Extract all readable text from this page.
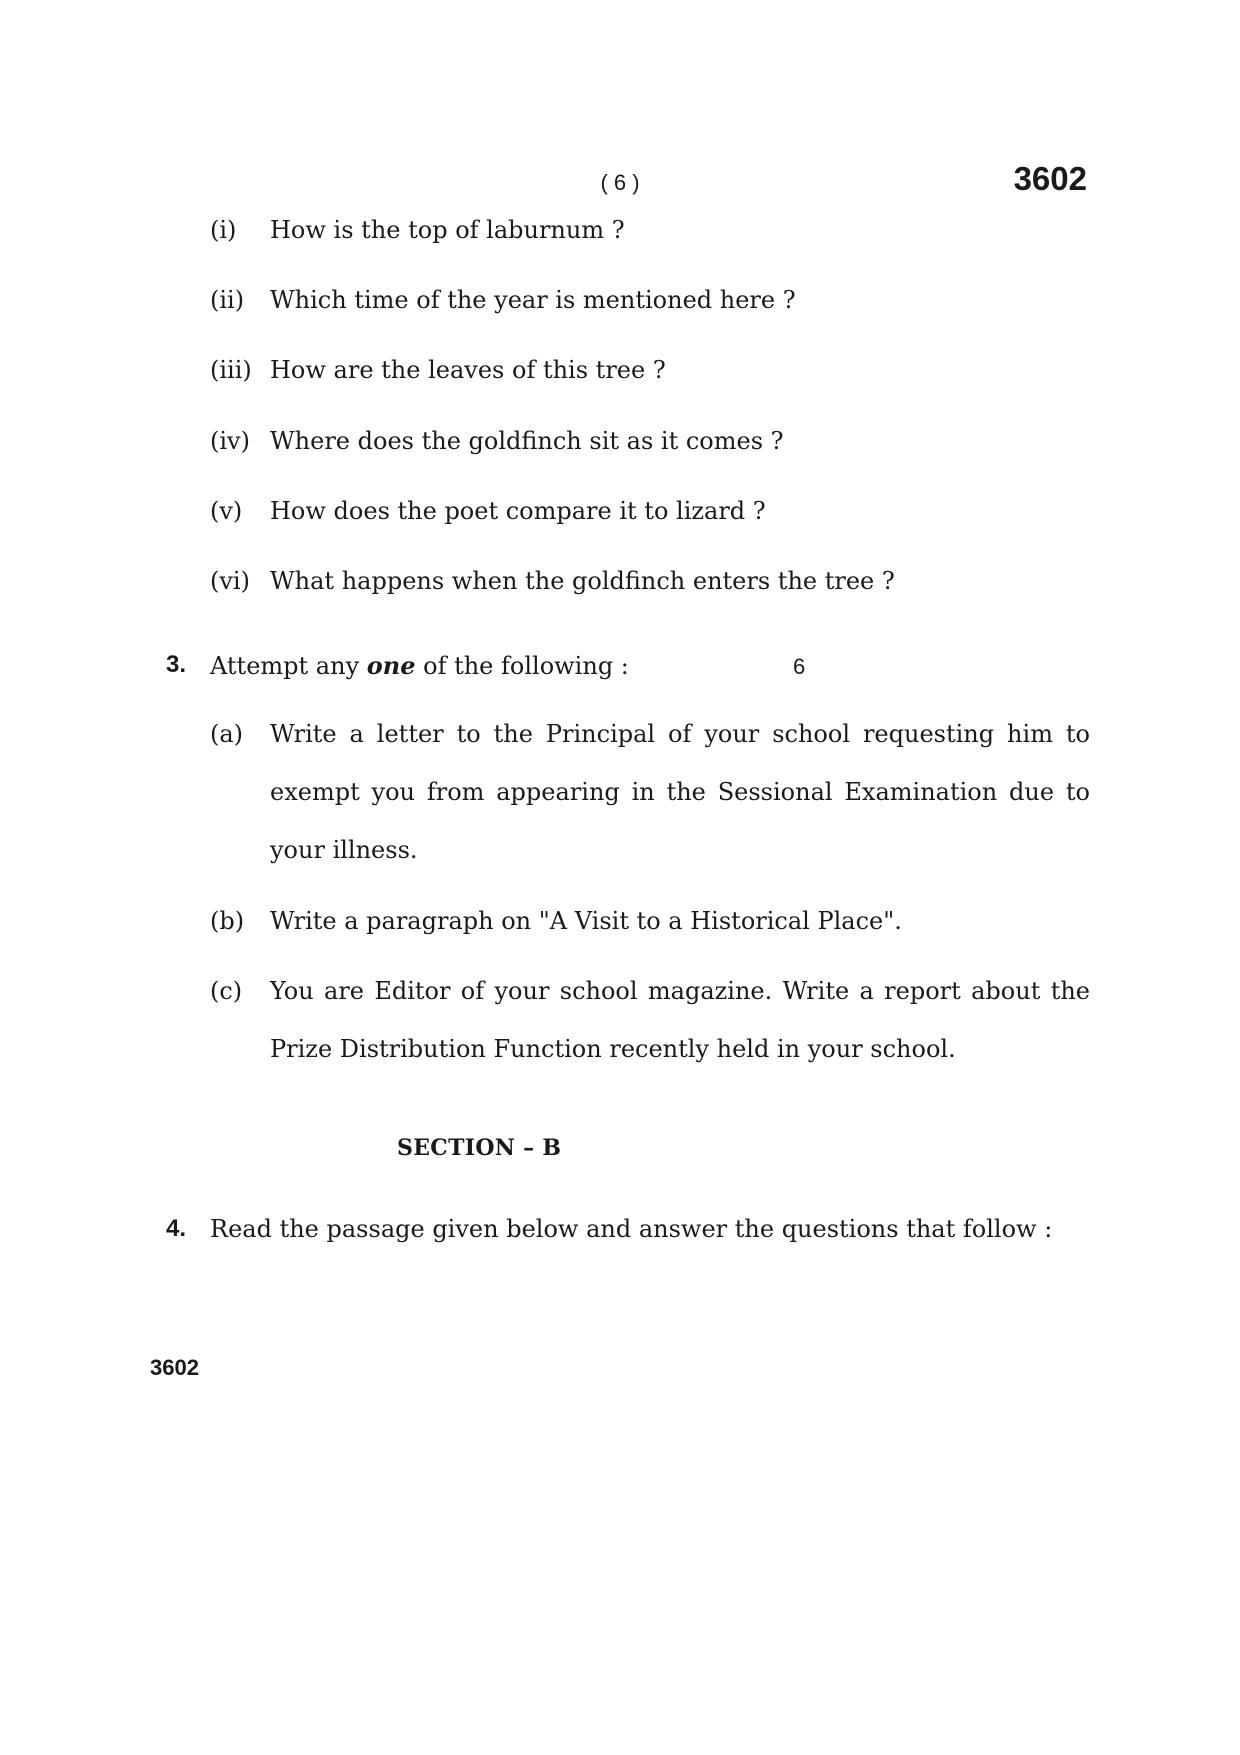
( 6 )	3602
(i)	How is the top of laburnum ?
(ii)	Which time of the year is mentioned here ?
(iii) How are the leaves of this tree ?
(iv) Where does the goldfinch sit as it comes ?
(v)	How does the poet compare it to lizard ?
(vi) What happens when the goldfinch enters the tree ?
3. Attempt any one of the following :	6
(a)	Write a letter to the Principal of your school requesting him to exempt you from appearing in the Sessional Examination due to your illness.
(b)	Write a paragraph on "A Visit to a Historical Place".
(c)	You are Editor of your school magazine. Write a report about the Prize Distribution Function recently held in your school.
SECTION – B
4. Read the passage given below and answer the questions that follow :
3602
